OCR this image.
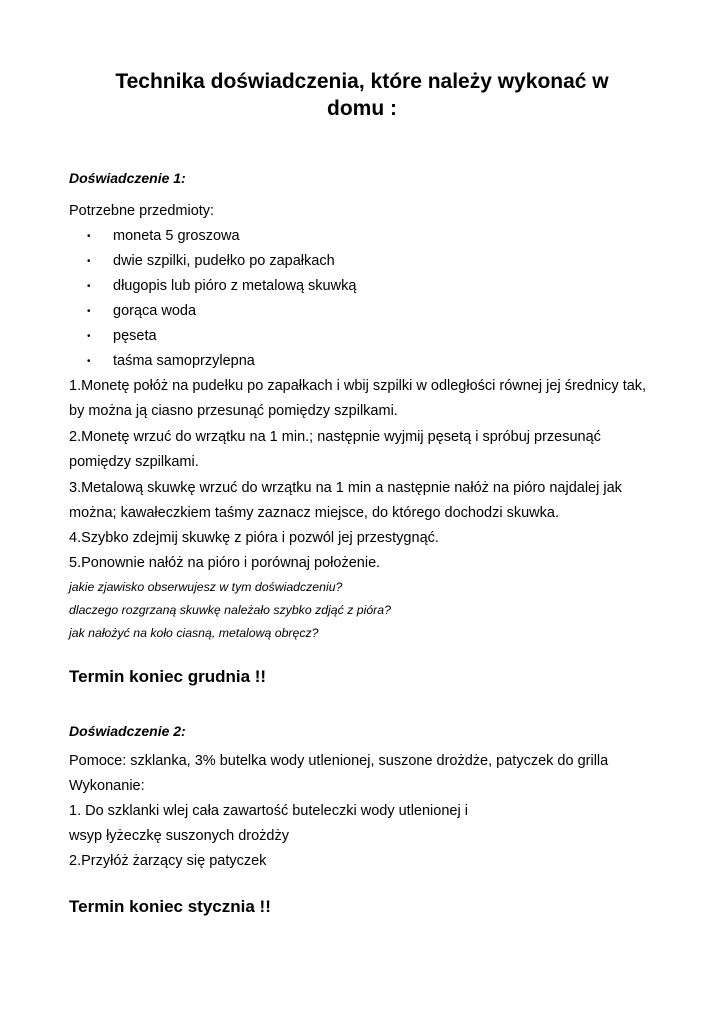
Technika doświadczenia, które należy wykonać w domu :
Doświadczenie 1:
Potrzebne przedmioty:
• moneta 5 groszowa
• dwie szpilki, pudełko po zapałkach
• długopis lub pióro z metalową skuwką
• gorąca woda
• pęseta
• taśma samoprzylepna
1.Monetę połóż na pudełku po zapałkach i wbij szpilki w odległości równej jej średnicy tak,
by można ją ciasno przesunąć pomiędzy szpilkami.
2.Monetę wrzuć do wrzątku na 1 min.; następnie wyjmij pęsetą i spróbuj przesunąć
pomiędzy szpilkami.
3.Metalową skuwkę wrzuć do wrzątku na 1 min a następnie nałóż na pióro najdalej jak
można; kawałeczkiem taśmy zaznacz miejsce, do którego dochodzi skuwka.
4.Szybko zdejmij skuwkę z pióra i pozwól jej przestygnąć.
5.Ponownie nałóż na pióro i porównaj położenie.
jakie zjawisko obserwujesz w tym doświadczeniu?
dlaczego rozgrzaną skuwkę należało szybko zdjąć z pióra?
jak nałożyć na koło ciasną, metalową obręcz?
Termin koniec grudnia !!
Doświadczenie 2:
Pomoce: szklanka, 3% butelka wody utlenionej, suszone drożdże, patyczek do grilla
Wykonanie:
1. Do szklanki wlej cała zawartość buteleczki wody utlenionej i
wsyp łyżeczkę suszonych drożdży
2.Przyłóż żarzący się patyczek
Termin koniec stycznia !!
